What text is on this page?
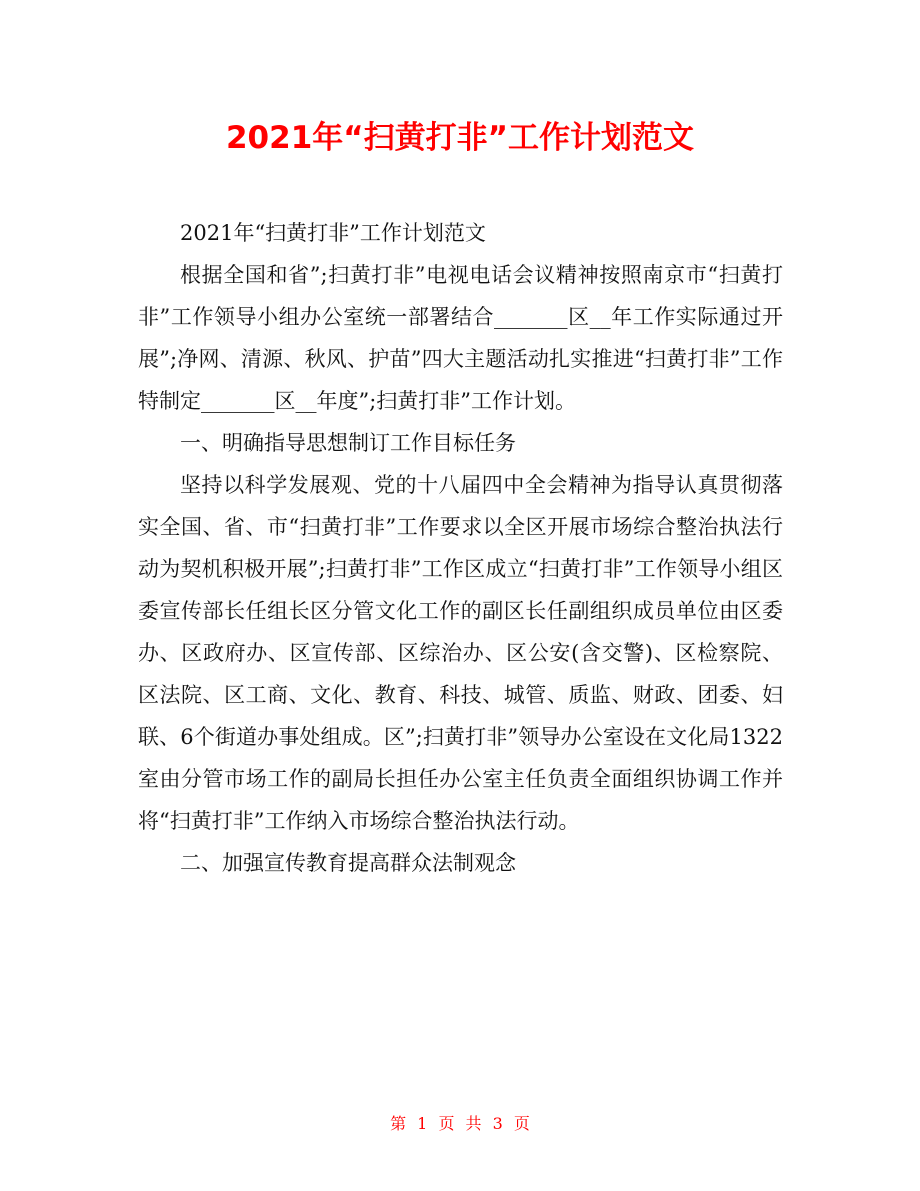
2021年“扫黄打非”工作计划范文

2021年“扫黄打非”工作计划范文

根据全国和省”;扫黄打非”电视电话会议精神按照南京市“扫黄打非”工作领导小组办公室统一部署结合_______区__年工作实际通过开展”;净网、清源、秋风、护苗”四大主题活动扎实推进“扫黄打非”工作特制定_______区__年度”;扫黄打非”工作计划。

一、明确指导思想制订工作目标任务

坚持以科学发展观、党的十八届四中全会精神为指导认真贯彻落实全国、省、市“扫黄打非”工作要求以全区开展市场综合整治执法行动为契机积极开展”;扫黄打非”工作区成立“扫黄打非”工作领导小组区委宣传部长任组长区分管文化工作的副区长任副组织成员单位由区委办、区政府办、区宣传部、区综治办、区公安(含交警)、区检察院、区法院、区工商、文化、教育、科技、城管、质监、财政、团委、妇联、6个街道办事处组成。区”;扫黄打非”领导办公室设在文化局1322室由分管市场工作的副局长担任办公室主任负责全面组织协调工作并将“扫黄打非”工作纳入市场综合整治执法行动。

二、加强宣传教育提高群众法制观念

第 1 页 共 3 页
